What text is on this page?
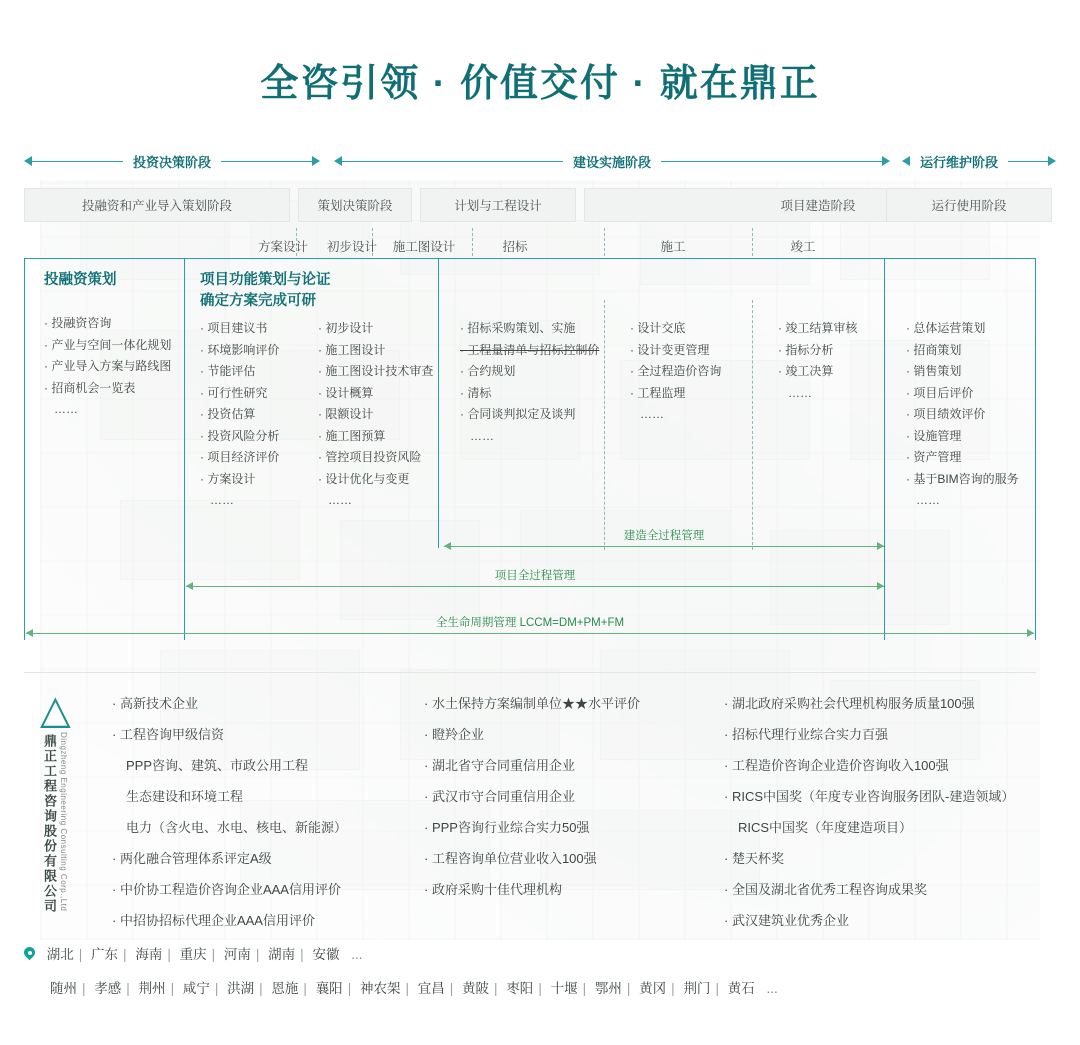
全咨引领 · 价值交付 · 就在鼎正
投资决策阶段	建设实施阶段	运行维护阶段
投融资和产业导入策划阶段	策划决策阶段	计划与工程设计	项目建造阶段	运行使用阶段
方案设计	初步设计	施工图设计	招标	施工	竣工
投融资策划
· 投融资咨询
· 产业与空间一体化规划
· 产业导入方案与路线图
· 招商机会一览表
……
项目功能策划与论证
确定方案完成可研
· 项目建议书
· 环境影响评价
· 节能评估
· 可行性研究
· 投资估算
· 投资风险分析
· 项目经济评价
· 方案设计
……
· 初步设计
· 施工图设计
· 施工图设计技术审查
· 设计概算
· 限额设计
· 施工图预算
· 管控项目投资风险
· 设计优化与变更
……
· 招标采购策划、实施
· 工程量清单与招标控制价
· 合约规划
· 清标
· 合同谈判拟定及谈判
……
· 设计交底
· 设计变更管理
· 全过程造价咨询
· 工程监理
……
· 竣工结算审核
· 指标分析
· 竣工决算
……
· 总体运营策划
· 招商策划
· 销售策划
· 项目后评价
· 项目绩效评价
· 设施管理
· 资产管理
· 基于BIM咨询的服务
……
建造全过程管理
项目全过程管理
全生命周期管理 LCCM=DM+PM+FM
△
鼎正工程咨询股份有限公司 Dingzheng Engineering Consulting Corp.,Ltd
· 高新技术企业
· 工程咨询甲级信资
PPP咨询、建筑、市政公用工程
生态建设和环境工程
电力（含火电、水电、核电、新能源）
· 两化融合管理体系评定A级
· 中价协工程造价咨询企业AAA信用评价
· 中招协招标代理企业AAA信用评价
· 水土保持方案编制单位★★水平评价
· 瞪羚企业
· 湖北省守合同重信用企业
· 武汉市守合同重信用企业
· PPP咨询行业综合实力50强
· 工程咨询单位营业收入100强
· 政府采购十佳代理机构
· 湖北政府采购社会代理机构服务质量100强
· 招标代理行业综合实力百强
· 工程造价咨询企业造价咨询收入100强
· RICS中国奖（年度专业咨询服务团队-建造领域）
RICS中国奖（年度建造项目）
· 楚天杯奖
· 全国及湖北省优秀工程咨询成果奖
· 武汉建筑业优秀企业
湖北 | 广东 | 海南 | 重庆 | 河南 | 湖南 | 安徽 ...
随州 | 孝感 | 荆州 | 咸宁 | 洪湖 | 恩施 | 襄阳 | 神农架 | 宜昌 | 黄陂 | 枣阳 | 十堰 | 鄂州 | 黄冈 | 荆门 | 黄石 ...
